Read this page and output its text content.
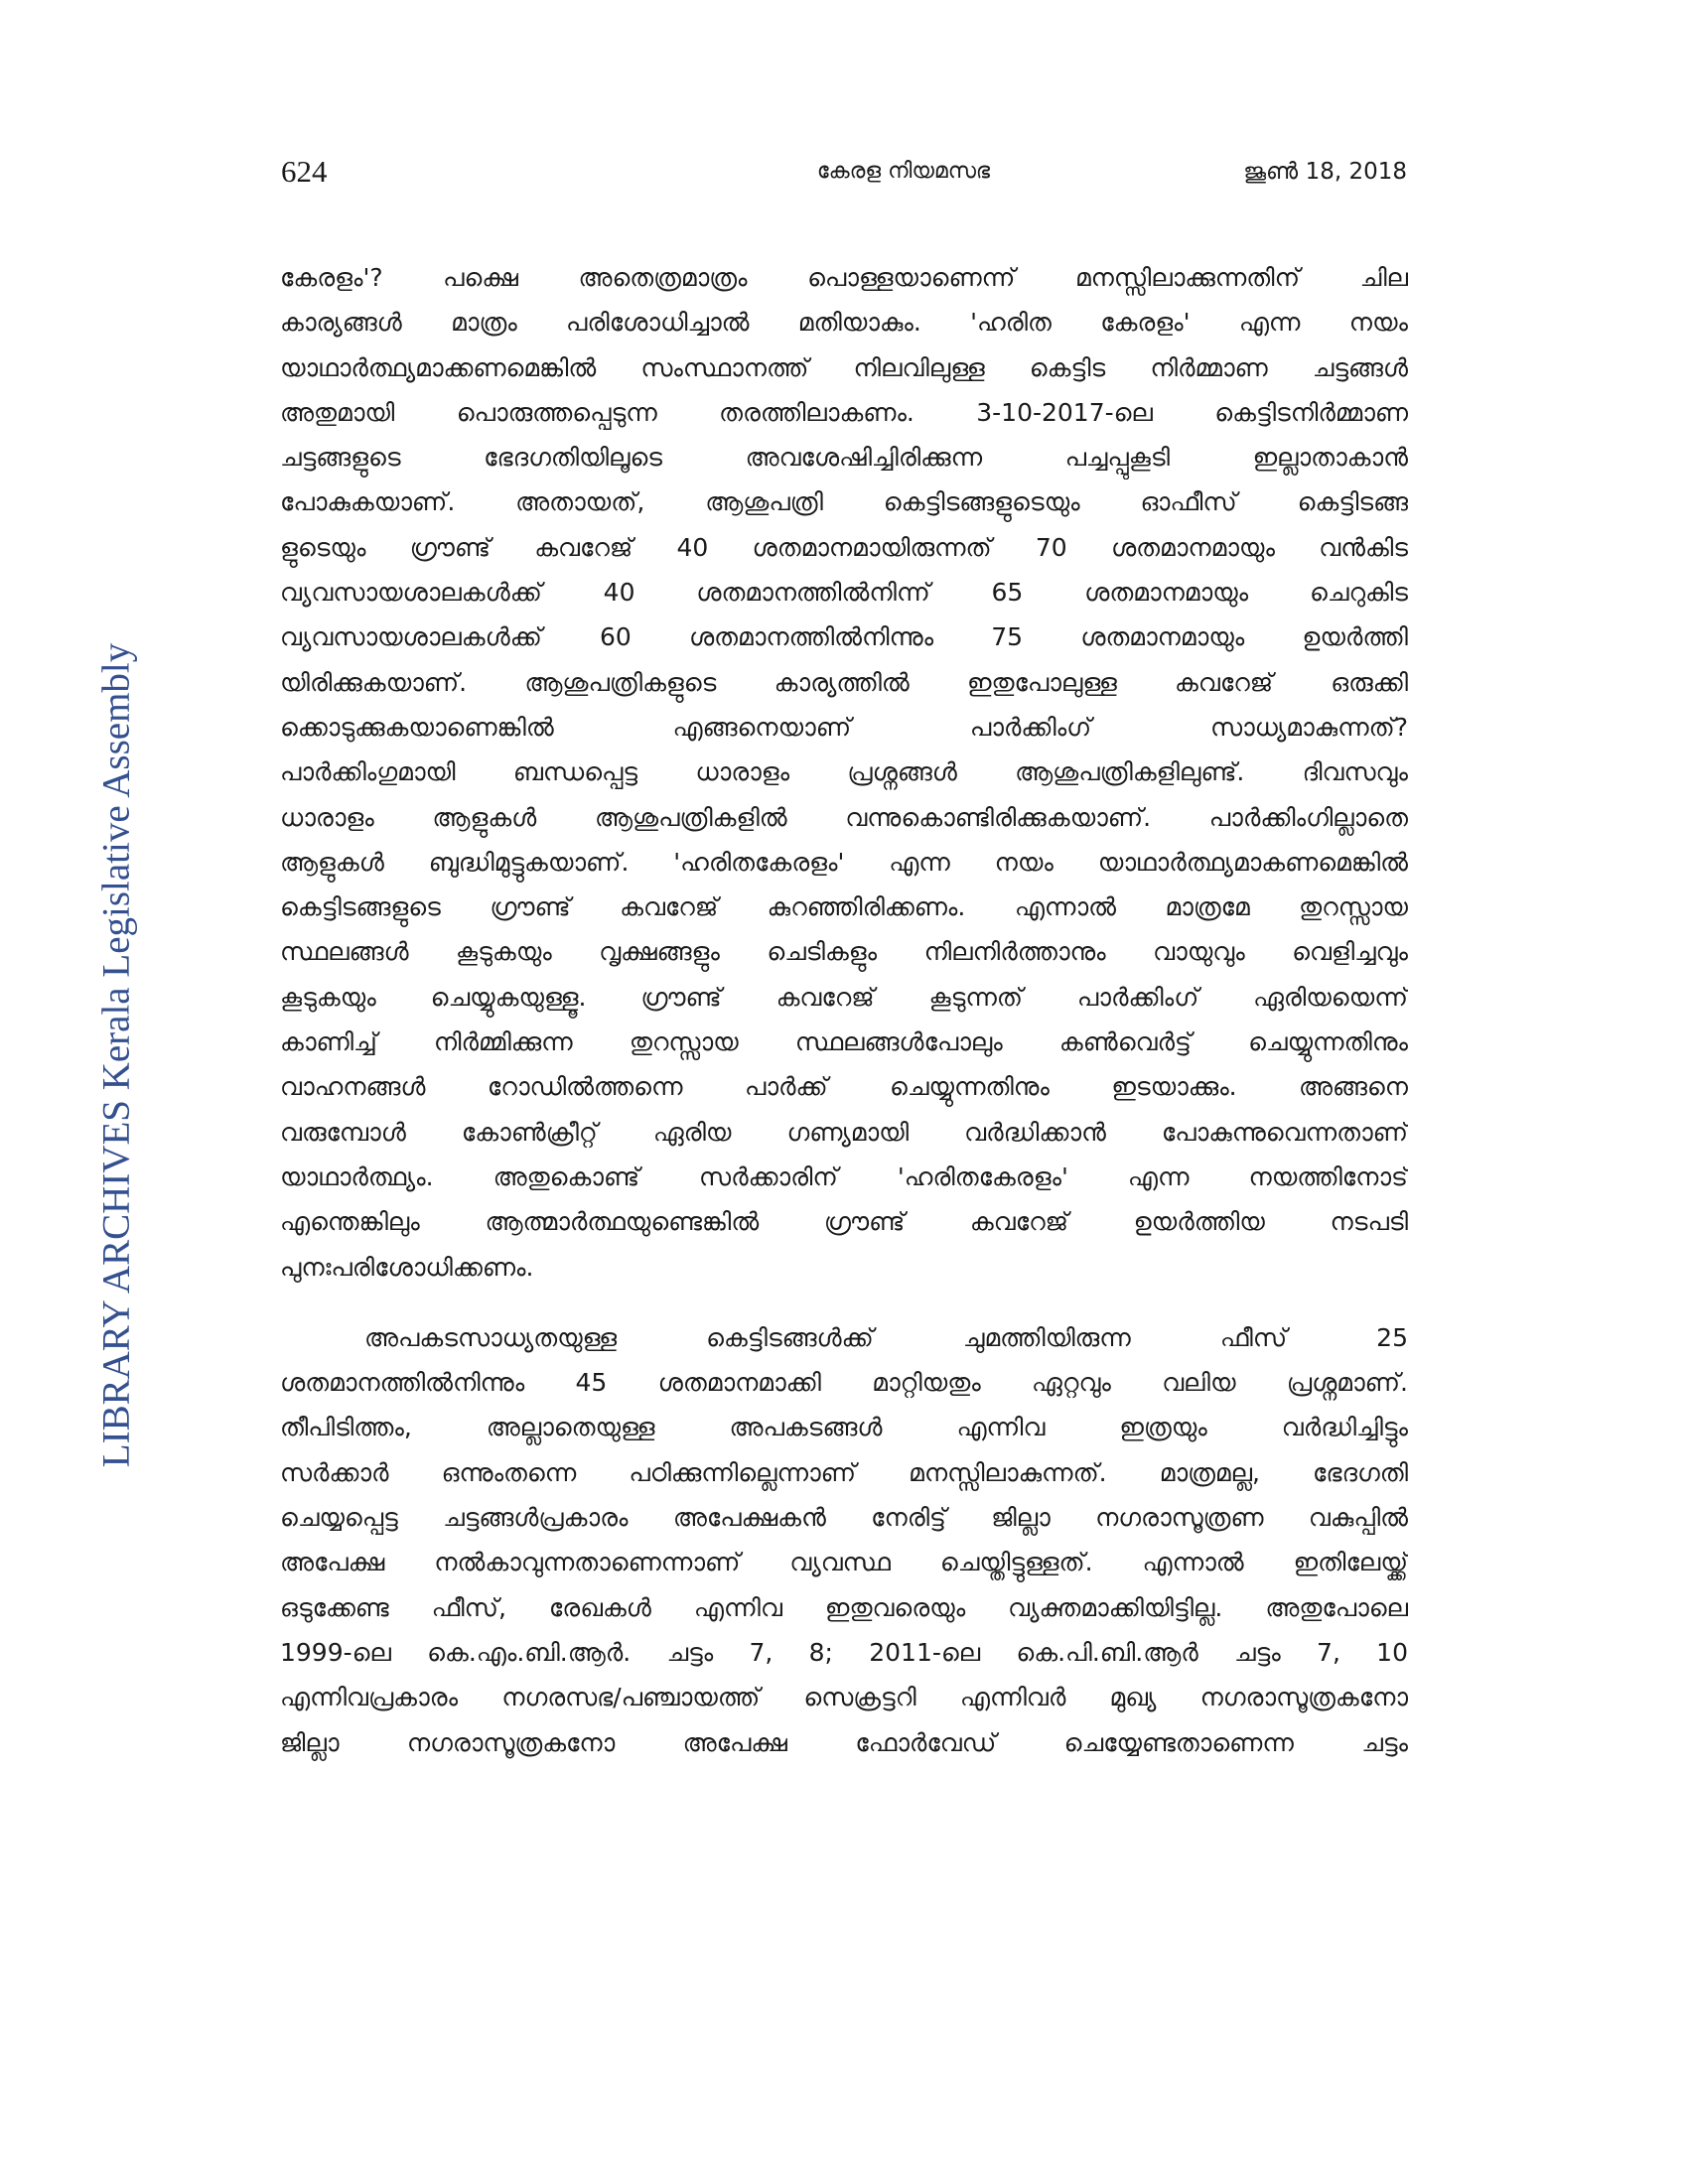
624	കേരള നിയമസഭ	ജൂൺ 18, 2018
LIBRARY ARCHIVES Kerala Legislative Assembly
കേരളം'? പക്ഷെ അതെത്രമാത്രം പൊള്ളയാണെന്ന് മനസ്സിലാക്കുന്നതിന് ചില
കാര്യങ്ങൾ മാത്രം പരിശോധിച്ചാൽ മതിയാകും. 'ഹരിത കേരളം' എന്ന നയം
യാഥാർത്ഥ്യമാക്കണമെങ്കിൽ സംസ്ഥാനത്ത് നിലവിലുള്ള കെട്ടിട നിർമ്മാണ ചട്ടങ്ങൾ
അതുമായി പൊരുത്തപ്പെടുന്ന തരത്തിലാകണം. 3-10-2017-ലെ കെട്ടിടനിർമ്മാണ
ചട്ടങ്ങളുടെ ഭേദഗതിയിലൂടെ അവശേഷിച്ചിരിക്കുന്ന പച്ചപ്പുകൂടി ഇല്ലാതാകാൻ
പോകുകയാണ്. അതായത്, ആശുപത്രി കെട്ടിടങ്ങളുടെയും ഓഫീസ് കെട്ടിടങ്ങ
ളുടെയും ഗ്രൗണ്ട് കവറേജ് 40 ശതമാനമായിരുന്നത് 70 ശതമാനമായും വൻകിട
വ്യവസായശാലകൾക്ക് 40 ശതമാനത്തിൽനിന്ന് 65 ശതമാനമായും ചെറുകിട
വ്യവസായശാലകൾക്ക് 60 ശതമാനത്തിൽനിന്നും 75 ശതമാനമായും ഉയർത്തി
യിരിക്കുകയാണ്. ആശുപത്രികളുടെ കാര്യത്തിൽ ഇതുപോലുള്ള കവറേജ് ഒരുക്കി
ക്കൊടുക്കുകയാണെങ്കിൽ എങ്ങനെയാണ് പാർക്കിംഗ് സാധ്യമാകുന്നത്?
പാർക്കിംഗുമായി ബന്ധപ്പെട്ട ധാരാളം പ്രശ്നങ്ങൾ ആശുപത്രികളിലുണ്ട്. ദിവസവും
ധാരാളം ആളുകൾ ആശുപത്രികളിൽ വന്നുകൊണ്ടിരിക്കുകയാണ്. പാർക്കിംഗില്ലാതെ
ആളുകൾ ബുദ്ധിമുട്ടുകയാണ്. 'ഹരിതകേരളം' എന്ന നയം യാഥാർത്ഥ്യമാകണമെങ്കിൽ
കെട്ടിടങ്ങളുടെ ഗ്രൗണ്ട് കവറേജ് കുറഞ്ഞിരിക്കണം. എന്നാൽ മാത്രമേ തുറസ്സായ
സ്ഥലങ്ങൾ കൂടുകയും വൃക്ഷങ്ങളും ചെടികളും നിലനിർത്താനും വായുവും വെളിച്ചവും
കൂടുകയും ചെയ്യുകയുള്ളൂ. ഗ്രൗണ്ട് കവറേജ് കൂടുന്നത് പാർക്കിംഗ് ഏരിയയെന്ന്
കാണിച്ച് നിർമ്മിക്കുന്ന തുറസ്സായ സ്ഥലങ്ങൾപോലും കൺവെർട്ട് ചെയ്യുന്നതിനും
വാഹനങ്ങൾ റോഡിൽത്തന്നെ പാർക്ക് ചെയ്യുന്നതിനും ഇടയാക്കും. അങ്ങനെ
വരുമ്പോൾ കോൺക്രീറ്റ് ഏരിയ ഗണ്യമായി വർദ്ധിക്കാൻ പോകുന്നുവെന്നതാണ്
യാഥാർത്ഥ്യം. അതുകൊണ്ട് സർക്കാരിന് 'ഹരിതകേരളം' എന്ന നയത്തിനോട്
എന്തെങ്കിലും ആത്മാർത്ഥയുണ്ടെങ്കിൽ ഗ്രൗണ്ട് കവറേജ് ഉയർത്തിയ നടപടി
പുനഃപരിശോധിക്കണം.
അപകടസാധ്യതയുള്ള കെട്ടിടങ്ങൾക്ക് ചുമത്തിയിരുന്ന ഫീസ് 25
ശതമാനത്തിൽനിന്നും 45 ശതമാനമാക്കി മാറ്റിയതും ഏറ്റവും വലിയ പ്രശ്നമാണ്.
തീപിടിത്തം, അല്ലാതെയുള്ള അപകടങ്ങൾ എന്നിവ ഇത്രയും വർദ്ധിച്ചിട്ടും
സർക്കാർ ഒന്നുംതന്നെ പഠിക്കുന്നില്ലെന്നാണ് മനസ്സിലാകുന്നത്. മാത്രമല്ല, ഭേദഗതി
ചെയ്യപ്പെട്ട ചട്ടങ്ങൾപ്രകാരം അപേക്ഷകൻ നേരിട്ട് ജില്ലാ നഗരാസൂത്രണ വകുപ്പിൽ
അപേക്ഷ നൽകാവുന്നതാണെന്നാണ് വ്യവസ്ഥ ചെയ്തിട്ടുള്ളത്. എന്നാൽ ഇതിലേയ്ക്ക്
ഒടുക്കേണ്ട ഫീസ്, രേഖകൾ എന്നിവ ഇതുവരെയും വ്യക്തമാക്കിയിട്ടില്ല. അതുപോലെ
1999-ലെ കെ.എം.ബി.ആർ. ചട്ടം 7, 8; 2011-ലെ കെ.പി.ബി.ആർ ചട്ടം 7, 10
എന്നിവപ്രകാരം നഗരസഭ/പഞ്ചായത്ത് സെക്രട്ടറി എന്നിവർ മുഖ്യ നഗരാസൂത്രകനോ
ജില്ലാ നഗരാസൂത്രകനോ അപേക്ഷ ഫോർവേഡ് ചെയ്യേണ്ടതാണെന്ന ചട്ടം
